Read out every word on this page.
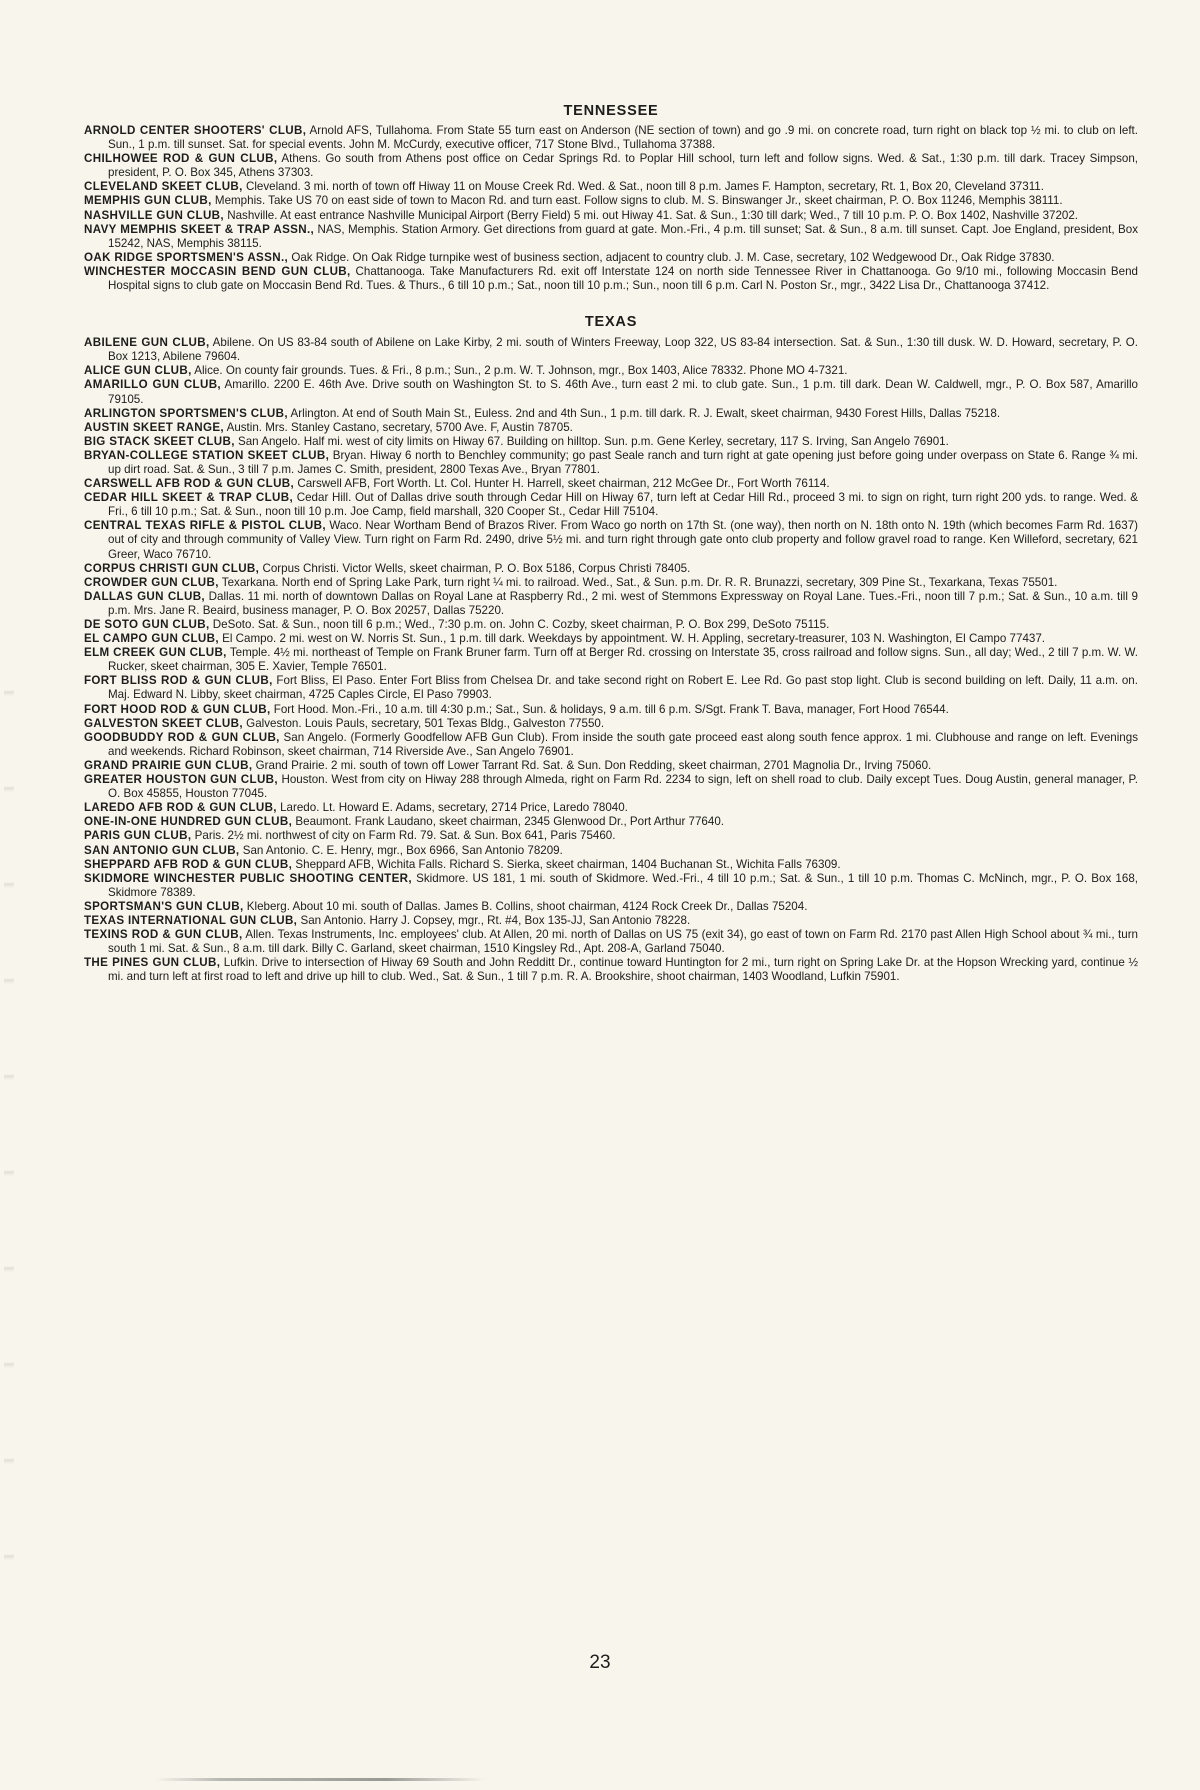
TENNESSEE

ARNOLD CENTER SHOOTERS' CLUB, Arnold AFS, Tullahoma. From State 55 turn east on Anderson (NE section of town) and go .9 mi. on concrete road, turn right on black top ½ mi. to club on left. Sun., 1 p.m. till sunset. Sat. for special events. John M. McCurdy, executive officer, 717 Stone Blvd., Tullahoma 37388.

CHILHOWEE ROD & GUN CLUB, Athens. Go south from Athens post office on Cedar Springs Rd. to Poplar Hill school, turn left and follow signs. Wed. & Sat., 1:30 p.m. till dark. Tracey Simpson, president, P. O. Box 345, Athens 37303.

CLEVELAND SKEET CLUB, Cleveland. 3 mi. north of town off Hiway 11 on Mouse Creek Rd. Wed. & Sat., noon till 8 p.m. James F. Hampton, secretary, Rt. 1, Box 20, Cleveland 37311.

MEMPHIS GUN CLUB, Memphis. Take US 70 on east side of town to Macon Rd. and turn east. Follow signs to club. M. S. Binswanger Jr., skeet chairman, P. O. Box 11246, Memphis 38111.

NASHVILLE GUN CLUB, Nashville. At east entrance Nashville Municipal Airport (Berry Field) 5 mi. out Hiway 41. Sat. & Sun., 1:30 till dark; Wed., 7 till 10 p.m. P. O. Box 1402, Nashville 37202.

NAVY MEMPHIS SKEET & TRAP ASSN., NAS, Memphis. Station Armory. Get directions from guard at gate. Mon.-Fri., 4 p.m. till sunset; Sat. & Sun., 8 a.m. till sunset. Capt. Joe England, president, Box 15242, NAS, Memphis 38115.

OAK RIDGE SPORTSMEN'S ASSN., Oak Ridge. On Oak Ridge turnpike west of business section, adjacent to country club. J. M. Case, secretary, 102 Wedgewood Dr., Oak Ridge 37830.

WINCHESTER MOCCASIN BEND GUN CLUB, Chattanooga. Take Manufacturers Rd. exit off Interstate 124 on north side Tennessee River in Chattanooga. Go 9/10 mi., following Moccasin Bend Hospital signs to club gate on Moccasin Bend Rd. Tues. & Thurs., 6 till 10 p.m.; Sat., noon till 10 p.m.; Sun., noon till 6 p.m. Carl N. Poston Sr., mgr., 3422 Lisa Dr., Chattanooga 37412.

TEXAS

ABILENE GUN CLUB, Abilene. On US 83-84 south of Abilene on Lake Kirby, 2 mi. south of Winters Freeway, Loop 322, US 83-84 intersection. Sat. & Sun., 1:30 till dusk. W. D. Howard, secretary, P. O. Box 1213, Abilene 79604.

ALICE GUN CLUB, Alice. On county fair grounds. Tues. & Fri., 8 p.m.; Sun., 2 p.m. W. T. Johnson, mgr., Box 1403, Alice 78332. Phone MO 4-7321.

AMARILLO GUN CLUB, Amarillo. 2200 E. 46th Ave. Drive south on Washington St. to S. 46th Ave., turn east 2 mi. to club gate. Sun., 1 p.m. till dark. Dean W. Caldwell, mgr., P. O. Box 587, Amarillo 79105.

ARLINGTON SPORTSMEN'S CLUB, Arlington. At end of South Main St., Euless. 2nd and 4th Sun., 1 p.m. till dark. R. J. Ewalt, skeet chairman, 9430 Forest Hills, Dallas 75218.

AUSTIN SKEET RANGE, Austin. Mrs. Stanley Castano, secretary, 5700 Ave. F, Austin 78705.

BIG STACK SKEET CLUB, San Angelo. Half mi. west of city limits on Hiway 67. Building on hilltop. Sun. p.m. Gene Kerley, secretary, 117 S. Irving, San Angelo 76901.

BRYAN-COLLEGE STATION SKEET CLUB, Bryan. Hiway 6 north to Benchley community; go past Seale ranch and turn right at gate opening just before going under overpass on State 6. Range ¾ mi. up dirt road. Sat. & Sun., 3 till 7 p.m. James C. Smith, president, 2800 Texas Ave., Bryan 77801.

CARSWELL AFB ROD & GUN CLUB, Carswell AFB, Fort Worth. Lt. Col. Hunter H. Harrell, skeet chairman, 212 McGee Dr., Fort Worth 76114.

CEDAR HILL SKEET & TRAP CLUB, Cedar Hill. Out of Dallas drive south through Cedar Hill on Hiway 67, turn left at Cedar Hill Rd., proceed 3 mi. to sign on right, turn right 200 yds. to range. Wed. & Fri., 6 till 10 p.m.; Sat. & Sun., noon till 10 p.m. Joe Camp, field marshall, 320 Cooper St., Cedar Hill 75104.

CENTRAL TEXAS RIFLE & PISTOL CLUB, Waco. Near Wortham Bend of Brazos River. From Waco go north on 17th St. (one way), then north on N. 18th onto N. 19th (which becomes Farm Rd. 1637) out of city and through community of Valley View. Turn right on Farm Rd. 2490, drive 5½ mi. and turn right through gate onto club property and follow gravel road to range. Ken Willeford, secretary, 621 Greer, Waco 76710.

CORPUS CHRISTI GUN CLUB, Corpus Christi. Victor Wells, skeet chairman, P. O. Box 5186, Corpus Christi 78405.

CROWDER GUN CLUB, Texarkana. North end of Spring Lake Park, turn right ¼ mi. to railroad. Wed., Sat., & Sun. p.m. Dr. R. R. Brunazzi, secretary, 309 Pine St., Texarkana, Texas 75501.

DALLAS GUN CLUB, Dallas. 11 mi. north of downtown Dallas on Royal Lane at Raspberry Rd., 2 mi. west of Stemmons Expressway on Royal Lane. Tues.-Fri., noon till 7 p.m.; Sat. & Sun., 10 a.m. till 9 p.m. Mrs. Jane R. Beaird, business manager, P. O. Box 20257, Dallas 75220.

DE SOTO GUN CLUB, DeSoto. Sat. & Sun., noon till 6 p.m.; Wed., 7:30 p.m. on. John C. Cozby, skeet chairman, P. O. Box 299, DeSoto 75115.

EL CAMPO GUN CLUB, El Campo. 2 mi. west on W. Norris St. Sun., 1 p.m. till dark. Weekdays by appointment. W. H. Appling, secretary-treasurer, 103 N. Washington, El Campo 77437.

ELM CREEK GUN CLUB, Temple. 4½ mi. northeast of Temple on Frank Bruner farm. Turn off at Berger Rd. crossing on Interstate 35, cross railroad and follow signs. Sun., all day; Wed., 2 till 7 p.m. W. W. Rucker, skeet chairman, 305 E. Xavier, Temple 76501.

FORT BLISS ROD & GUN CLUB, Fort Bliss, El Paso. Enter Fort Bliss from Chelsea Dr. and take second right on Robert E. Lee Rd. Go past stop light. Club is second building on left. Daily, 11 a.m. on. Maj. Edward N. Libby, skeet chairman, 4725 Caples Circle, El Paso 79903.

FORT HOOD ROD & GUN CLUB, Fort Hood. Mon.-Fri., 10 a.m. till 4:30 p.m.; Sat., Sun. & holidays, 9 a.m. till 6 p.m. S/Sgt. Frank T. Bava, manager, Fort Hood 76544.

GALVESTON SKEET CLUB, Galveston. Louis Pauls, secretary, 501 Texas Bldg., Galveston 77550.

GOODBUDDY ROD & GUN CLUB, San Angelo. (Formerly Goodfellow AFB Gun Club). From inside the south gate proceed east along south fence approx. 1 mi. Clubhouse and range on left. Evenings and weekends. Richard Robinson, skeet chairman, 714 Riverside Ave., San Angelo 76901.

GRAND PRAIRIE GUN CLUB, Grand Prairie. 2 mi. south of town off Lower Tarrant Rd. Sat. & Sun. Don Redding, skeet chairman, 2701 Magnolia Dr., Irving 75060.

GREATER HOUSTON GUN CLUB, Houston. West from city on Hiway 288 through Almeda, right on Farm Rd. 2234 to sign, left on shell road to club. Daily except Tues. Doug Austin, general manager, P. O. Box 45855, Houston 77045.

LAREDO AFB ROD & GUN CLUB, Laredo. Lt. Howard E. Adams, secretary, 2714 Price, Laredo 78040.

ONE-IN-ONE HUNDRED GUN CLUB, Beaumont. Frank Laudano, skeet chairman, 2345 Glenwood Dr., Port Arthur 77640.

PARIS GUN CLUB, Paris. 2½ mi. northwest of city on Farm Rd. 79. Sat. & Sun. Box 641, Paris 75460.

SAN ANTONIO GUN CLUB, San Antonio. C. E. Henry, mgr., Box 6966, San Antonio 78209.

SHEPPARD AFB ROD & GUN CLUB, Sheppard AFB, Wichita Falls. Richard S. Sierka, skeet chairman, 1404 Buchanan St., Wichita Falls 76309.

SKIDMORE WINCHESTER PUBLIC SHOOTING CENTER, Skidmore. US 181, 1 mi. south of Skidmore. Wed.-Fri., 4 till 10 p.m.; Sat. & Sun., 1 till 10 p.m. Thomas C. McNinch, mgr., P. O. Box 168, Skidmore 78389.

SPORTSMAN'S GUN CLUB, Kleberg. About 10 mi. south of Dallas. James B. Collins, shoot chairman, 4124 Rock Creek Dr., Dallas 75204.

TEXAS INTERNATIONAL GUN CLUB, San Antonio. Harry J. Copsey, mgr., Rt. #4, Box 135-JJ, San Antonio 78228.

TEXINS ROD & GUN CLUB, Allen. Texas Instruments, Inc. employees' club. At Allen, 20 mi. north of Dallas on US 75 (exit 34), go east of town on Farm Rd. 2170 past Allen High School about ¾ mi., turn south 1 mi. Sat. & Sun., 8 a.m. till dark. Billy C. Garland, skeet chairman, 1510 Kingsley Rd., Apt. 208-A, Garland 75040.

THE PINES GUN CLUB, Lufkin. Drive to intersection of Hiway 69 South and John Redditt Dr., continue toward Huntington for 2 mi., turn right on Spring Lake Dr. at the Hopson Wrecking yard, continue ½ mi. and turn left at first road to left and drive up hill to club. Wed., Sat. & Sun., 1 till 7 p.m. R. A. Brookshire, shoot chairman, 1403 Woodland, Lufkin 75901.

23
